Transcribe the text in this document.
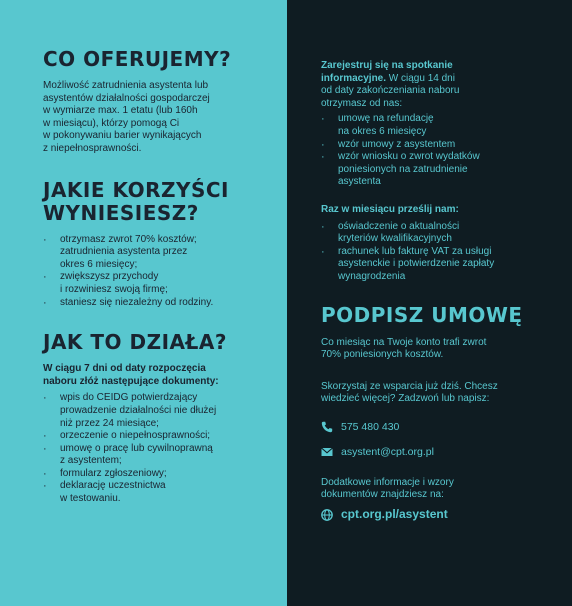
CO OFERUJEMY?

Możliwość zatrudnienia asystenta lub

asystentów działalności gospodarczej

w wymiarze max. 1 etatu (lub 160h

w miesiącu), którzy pomogą Ci

w pokonywaniu barier wynikających

z niepełnosprawności.

JAKIE KORZYŚCI
WYNIESIESZ?
· otrzymasz zwrot 70% kosztów;
zatrudnienia asystenta przez
okres 6 miesięcy;
· zwiększysz przychody
i rozwiniesz swoją firmę;
· staniesz się niezależny od rodziny.
JAK TO DZIAŁA?

W ciągu 7 dni od daty rozpoczęcia

naboru złóż następujące dokumenty:

· wpis do CEIDG potwierdzający
prowadzenie działalności nie dłużej
niż przez 24 miesiące;
· orzeczenie o niepełnosprawności;
· umowę o pracę lub cywilnoprawną
z asystentem;
· formularz zgłoszeniowy;
· deklarację uczestnictwa
w testowaniu.

Zarejestruj się na spotkanie

informacyjne. W ciągu 14 dni

od daty zakończeniania naboru

otrzymasz od nas:

· umowę na refundację
na okres 6 miesięcy
· wzór umowy z asystentem
· wzór wniosku o zwrot wydatków
poniesionych na zatrudnienie
asystenta

Raz w miesiącu prześlij nam:

· oświadczenie o aktualności
kryteriów kwalifikacyjnych
· rachunek lub fakturę VAT za usługi
asystenckie i potwierdzenie zapłaty
wynagrodzenia
PODPISZ UMOWĘ

Co miesiąc na Twoje konto trafi zwrot

70% poniesionych kosztów.

Skorzystaj ze wsparcia już dziś. Chcesz

wiedzieć więcej? Zadzwoń lub napisz:

575 480 430
asystent@cpt.org.pl

Dodatkowe informacje i wzory

dokumentów znajdziesz na:

cpt.org.pl/asystent
